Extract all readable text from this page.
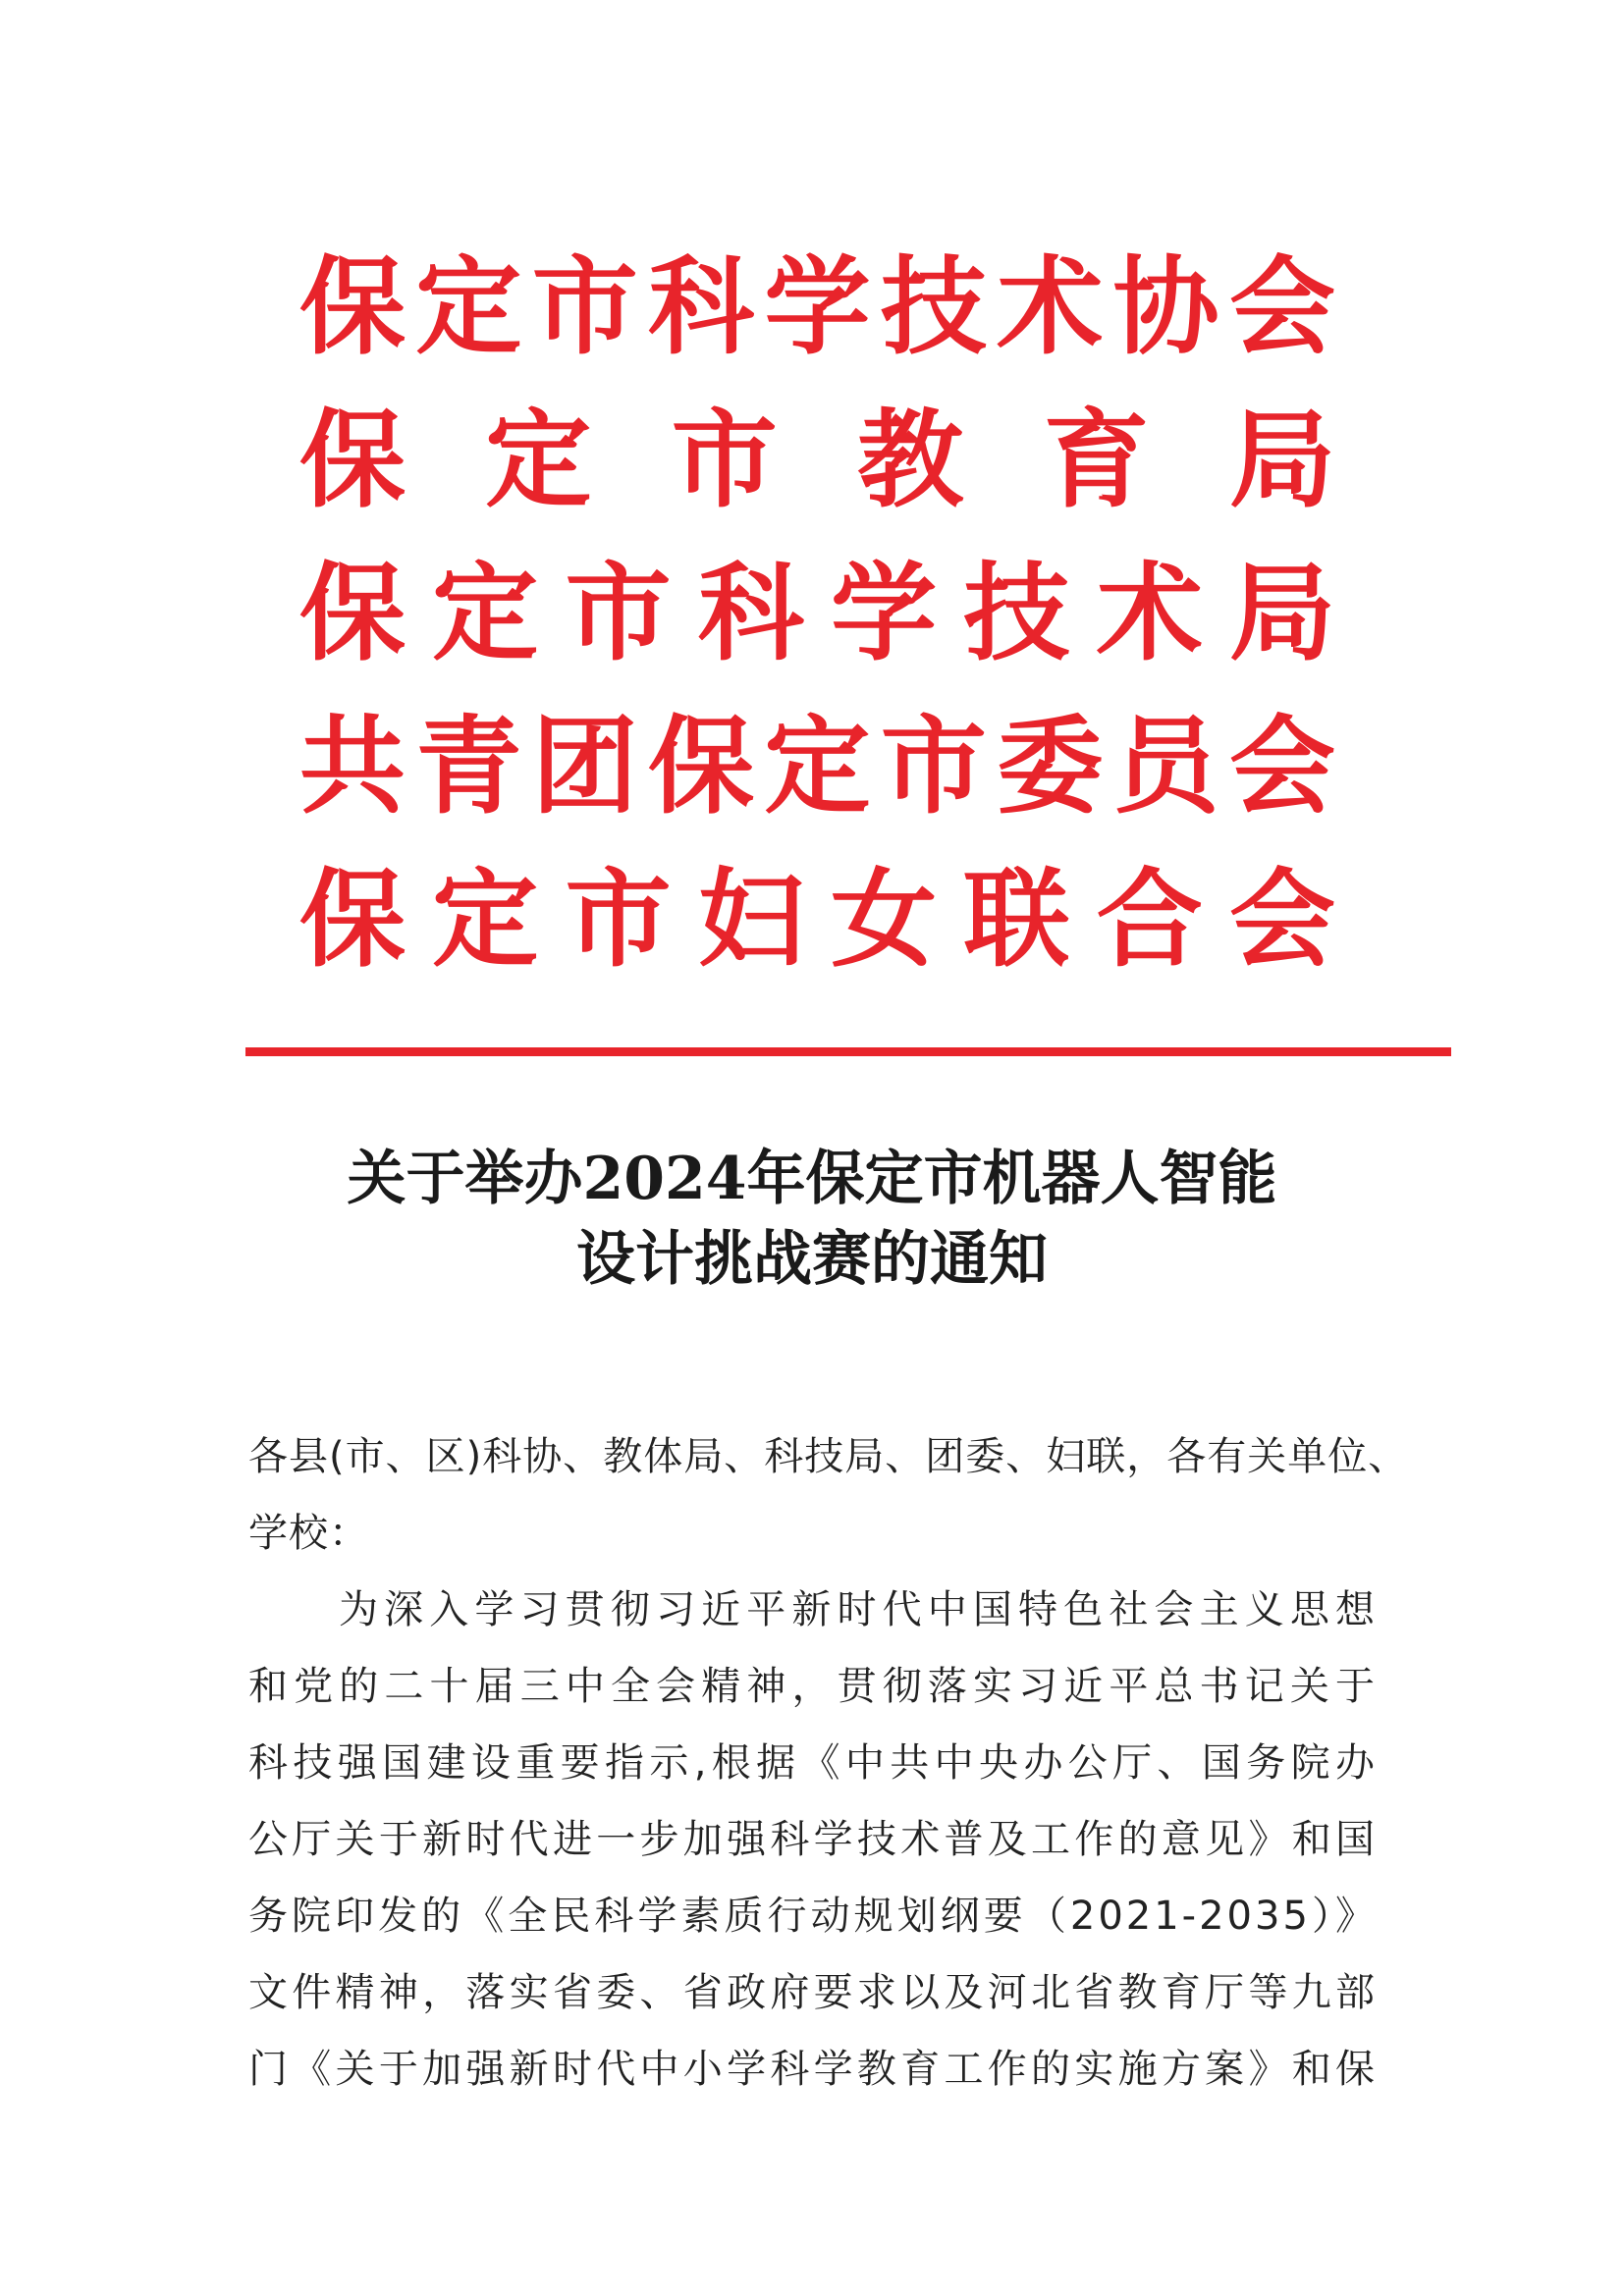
保定市科学技术协会
保 定 市 教 育 局
保定市科学技术局
共青团保定市委员会
保定市妇女联合会
关于举办2024年保定市机器人智能
设计挑战赛的通知
各县(市、区)科协、教体局、科技局、团委、妇联，各有关单位、
学校：
为深入学习贯彻习近平新时代中国特色社会主义思想
和党的二十届三中全会精神，贯彻落实习近平总书记关于
科技强国建设重要指示,根据《中共中央办公厅、国务院办
公厅关于新时代进一步加强科学技术普及工作的意见》和国
务院印发的《全民科学素质行动规划纲要（2021-2035）》
文件精神，落实省委、省政府要求以及河北省教育厅等九部
门《关于加强新时代中小学科学教育工作的实施方案》和保
